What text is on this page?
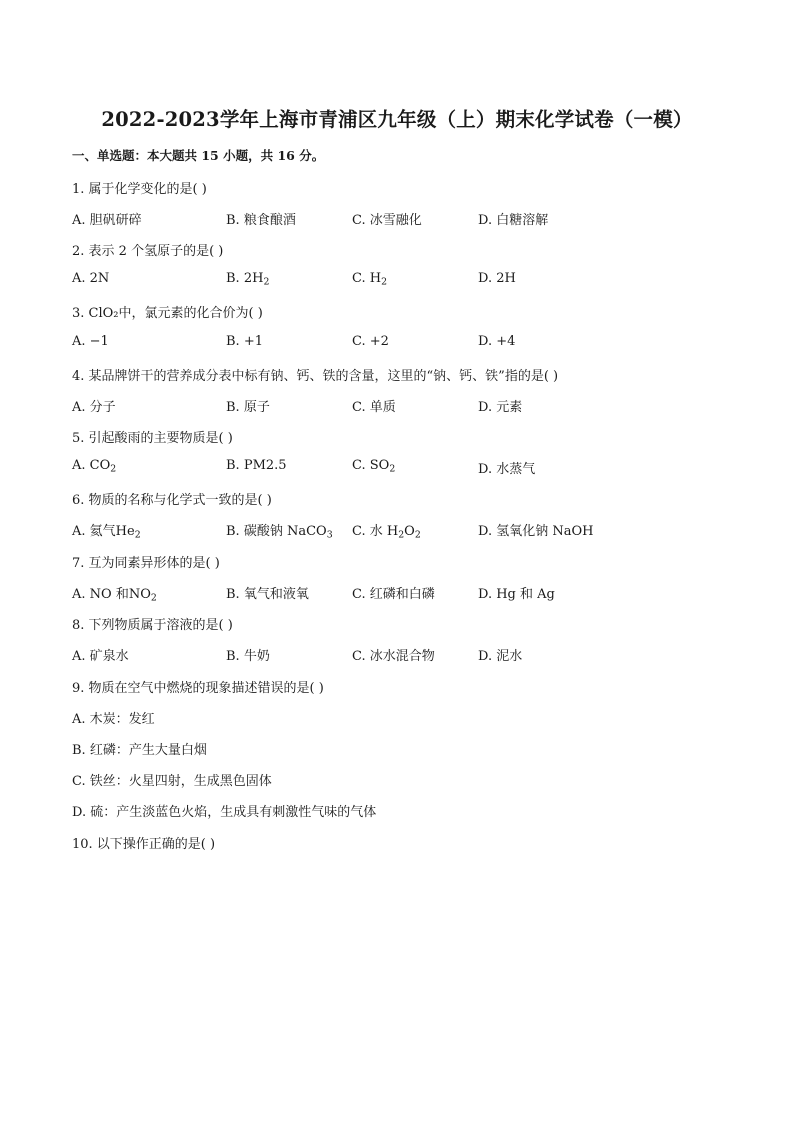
2022-2023学年上海市青浦区九年级（上）期末化学试卷（一模）
一、单选题：本大题共 15 小题，共 16 分。
1. 属于化学变化的是( )
A. 胆矾研碎	B. 粮食酿酒	C. 冰雪融化	D. 白糖溶解
2. 表示 2 个氢原子的是( )
A. 2N	B. $2H_2$	C. $H_2$	D. 2H
3. ClO₂中，氯元素的化合价为( )
A. −1	B. +1	C. +2	D. +4
4. 某品牌饼干的营养成分表中标有钠、钙、铁的含量，这里的“钠、钙、铁”指的是( )
A. 分子	B. 原子	C. 单质	D. 元素
5. 引起酸雨的主要物质是( )
A. $CO_2$	B. PM2.5	C. $SO_2$	D. 水蒸气
6. 物质的名称与化学式一致的是( )
A. 氦气$He_2$	B. 碳酸钠 NaCO$_3$ C. 水 $H_2O_2$	D. 氢氧化钠 NaOH
7. 互为同素异形体的是( )
A. NO 和$NO_2$	B. 氧气和液氧	C. 红磷和白磷	D. Hg 和 Ag
8. 下列物质属于溶液的是( )
A. 矿泉水	B. 牛奶	C. 冰水混合物	D. 泥水
9. 物质在空气中燃烧的现象描述错误的是( )
A. 木炭：发红
B. 红磷：产生大量白烟
C. 铁丝：火星四射，生成黑色固体
D. 硫：产生淡蓝色火焰，生成具有刺激性气味的气体
10. 以下操作正确的是( )
